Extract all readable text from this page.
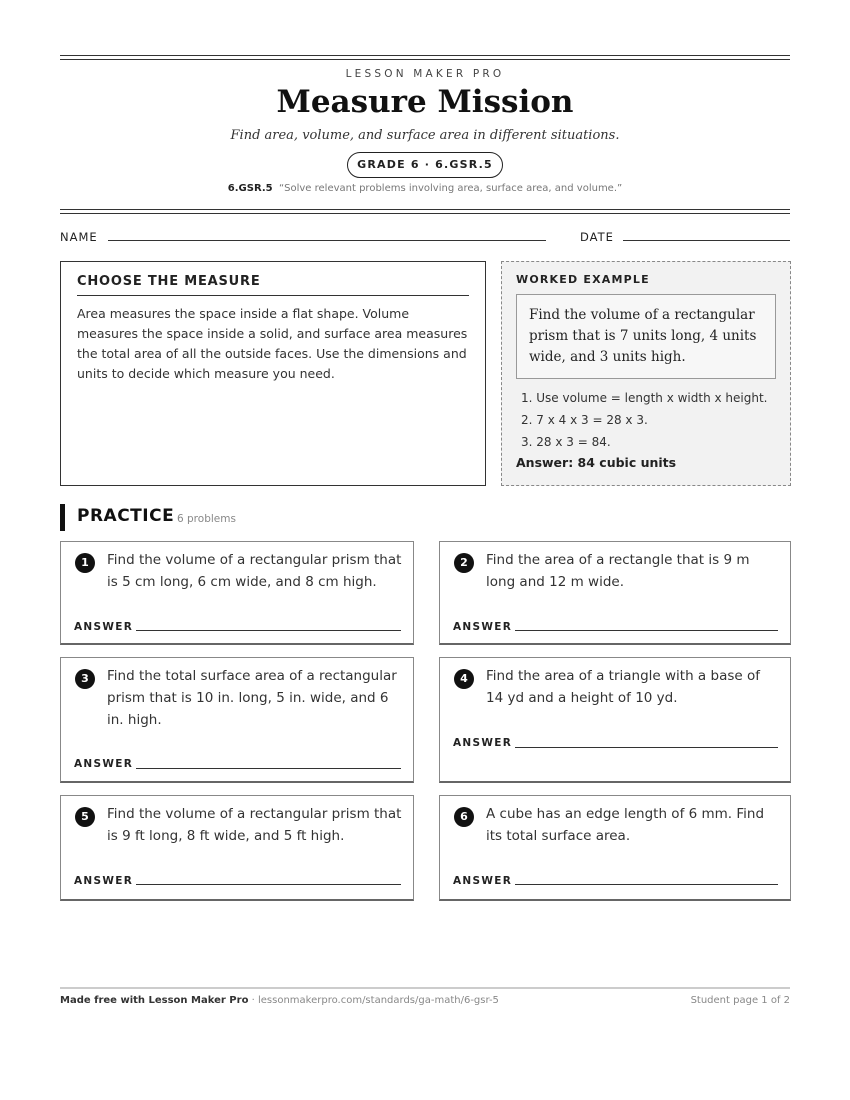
LESSON MAKER PRO
Measure Mission
Find area, volume, and surface area in different situations.
GRADE 6 · 6.GSR.5
6.GSR.5 “Solve relevant problems involving area, surface area, and volume.”
NAME	DATE
CHOOSE THE MEASURE
Area measures the space inside a flat shape. Volume measures the space inside a solid, and surface area measures the total area of all the outside faces. Use the dimensions and units to decide which measure you need.
WORKED EXAMPLE
Find the volume of a rectangular prism that is 7 units long, 4 units wide, and 3 units high.
1. Use volume = length x width x height.
2. 7 x 4 x 3 = 28 x 3.
3. 28 x 3 = 84.
Answer: 84 cubic units
PRACTICE 6 problems
1	Find the volume of a rectangular prism that is 5 cm long, 6 cm wide, and 8 cm high.
ANSWER
2	Find the area of a rectangle that is 9 m long and 12 m wide.
ANSWER
3	Find the total surface area of a rectangular prism that is 10 in. long, 5 in. wide, and 6 in. high.
ANSWER
4	Find the area of a triangle with a base of 14 yd and a height of 10 yd.
ANSWER
5	Find the volume of a rectangular prism that is 9 ft long, 8 ft wide, and 5 ft high.
ANSWER
6	A cube has an edge length of 6 mm. Find its total surface area.
ANSWER
Made free with Lesson Maker Pro · lessonmakerpro.com/standards/ga-math/6-gsr-5	Student page 1 of 2
